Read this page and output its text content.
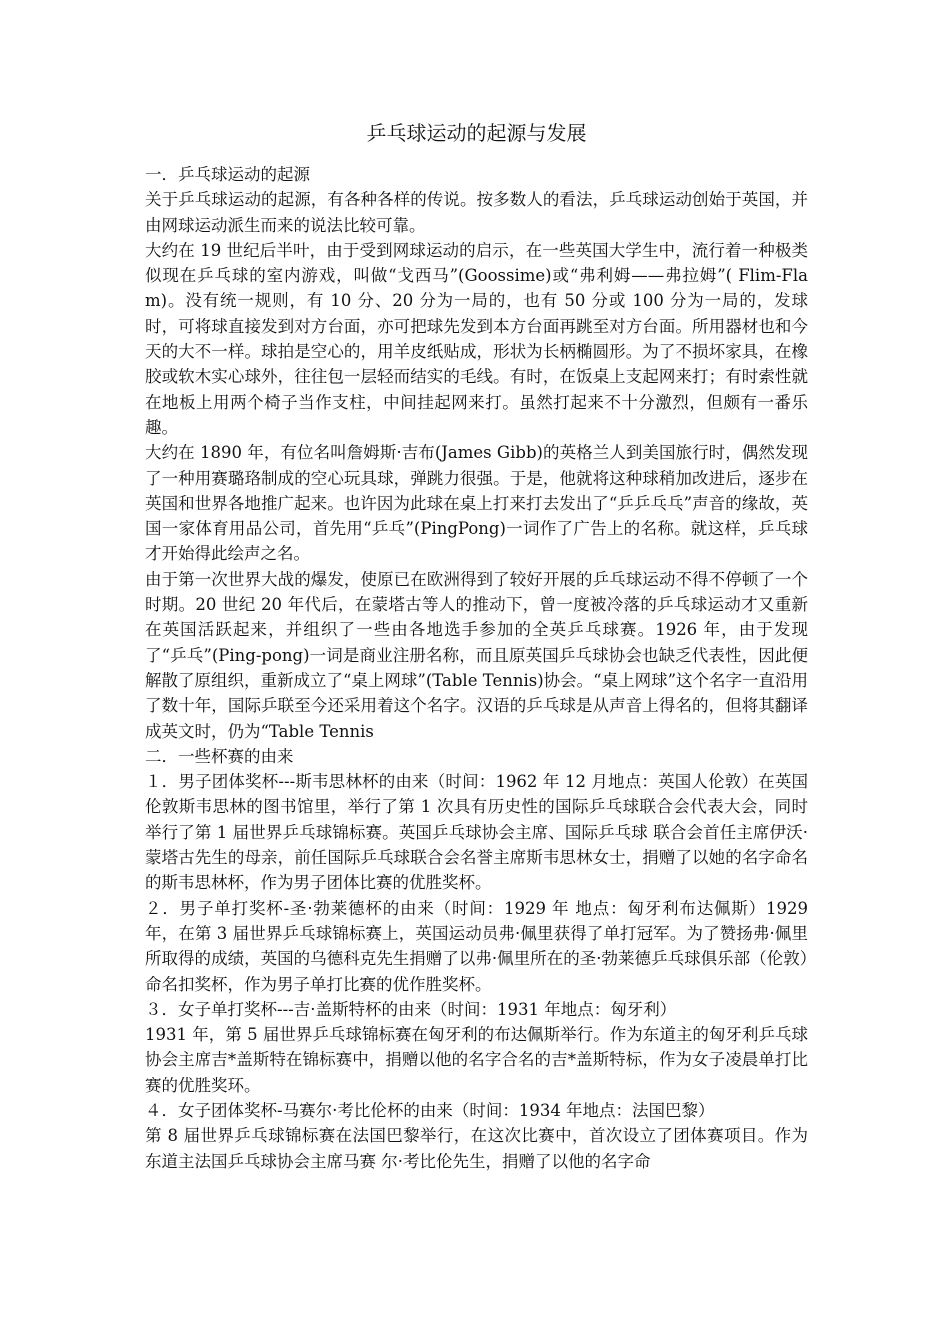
乒乓球运动的起源与发展

一．乒乓球运动的起源

关于乒乓球运动的起源，有各种各样的传说。按多数人的看法，乒乓球运动创始于英国，并由网球运动派生而来的说法比较可靠。

大约在 19 世纪后半叶，由于受到网球运动的启示，在一些英国大学生中，流行着一种极类似现在乒乓球的室内游戏，叫做“戈西马”(Goossime)或“弗利姆——弗拉姆”( Flim-Flam)。没有统一规则，有 10 分、20 分为一局的，也有 50 分或 100 分为一局的，发球时，可将球直接发到对方台面，亦可把球先发到本方台面再跳至对方台面。所用器材也和今天的大不一样。球拍是空心的，用羊皮纸贴成，形状为长柄椭圆形。为了不损坏家具，在橡胶或软木实心球外，往往包一层轻而结实的毛线。有时，在饭桌上支起网来打；有时索性就在地板上用两个椅子当作支柱，中间挂起网来打。虽然打起来不十分激烈，但颇有一番乐趣。

大约在 1890 年，有位名叫詹姆斯·吉布(James Gibb)的英格兰人到美国旅行时，偶然发现了一种用赛璐珞制成的空心玩具球，弹跳力很强。于是，他就将这种球稍加改进后，逐步在英国和世界各地推广起来。也许因为此球在桌上打来打去发出了“乒乒乓乓”声音的缘故，英国一家体育用品公司，首先用“乒乓”(PingPong)一词作了广告上的名称。就这样，乒乓球才开始得此绘声之名。

由于第一次世界大战的爆发，使原已在欧洲得到了较好开展的乒乓球运动不得不停顿了一个时期。20 世纪 20 年代后，在蒙塔古等人的推动下，曾一度被冷落的乒乓球运动才又重新在英国活跃起来，并组织了一些由各地选手参加的全英乒乓球赛。1926 年，由于发现了“乒乓”(Ping-pong)一词是商业注册名称，而且原英国乒乓球协会也缺乏代表性，因此便解散了原组织，重新成立了“桌上网球”(Table Tennis)协会。“桌上网球”这个名字一直沿用了数十年，国际乒联至今还采用着这个名字。汉语的乒乓球是从声音上得名的，但将其翻译成英文时，仍为“Table Tennis

二．一些杯赛的由来

１．男子团体奖杯---斯韦思林杯的由来（时间：1962 年 12 月地点：英国人伦敦）在英国伦敦斯韦思林的图书馆里，举行了第 1 次具有历史性的国际乒乓球联合会代表大会，同时举行了第 1 届世界乒乓球锦标赛。英国乒乓球协会主席、国际乒乓球 联合会首任主席伊沃·蒙塔古先生的母亲，前任国际乒乓球联合会名誉主席斯韦思林女士，捐赠了以她的名字命名的斯韦思林杯，作为男子团体比赛的优胜奖杯。

２．男子单打奖杯-圣·勃莱德杯的由来（时间：1929 年 地点：匈牙利布达佩斯）1929 年，在第 3 届世界乒乓球锦标赛上，英国运动员弗·佩里获得了单打冠军。为了赞扬弗·佩里所取得的成绩，英国的乌德科克先生捐赠了以弗·佩里所在的圣·勃莱德乒乓球俱乐部（伦敦）命名扣奖杯，作为男子单打比赛的优作胜奖杯。

３．女子单打奖杯---吉·盖斯特杯的由来（时间：1931 年地点：匈牙利）

1931 年，第 5 届世界乒乓球锦标赛在匈牙利的布达佩斯举行。作为东道主的匈牙利乒乓球协会主席吉*盖斯特在锦标赛中，捐赠以他的名字合名的吉*盖斯特标，作为女子凌晨单打比赛的优胜奖环。

４．女子团体奖杯-马赛尔·考比伦杯的由来（时间：1934 年地点：法国巴黎）

第 8 届世界乒乓球锦标赛在法国巴黎举行，在这次比赛中，首次设立了团体赛项目。作为东道主法国乒乓球协会主席马赛 尔·考比伦先生，捐赠了以他的名字命
